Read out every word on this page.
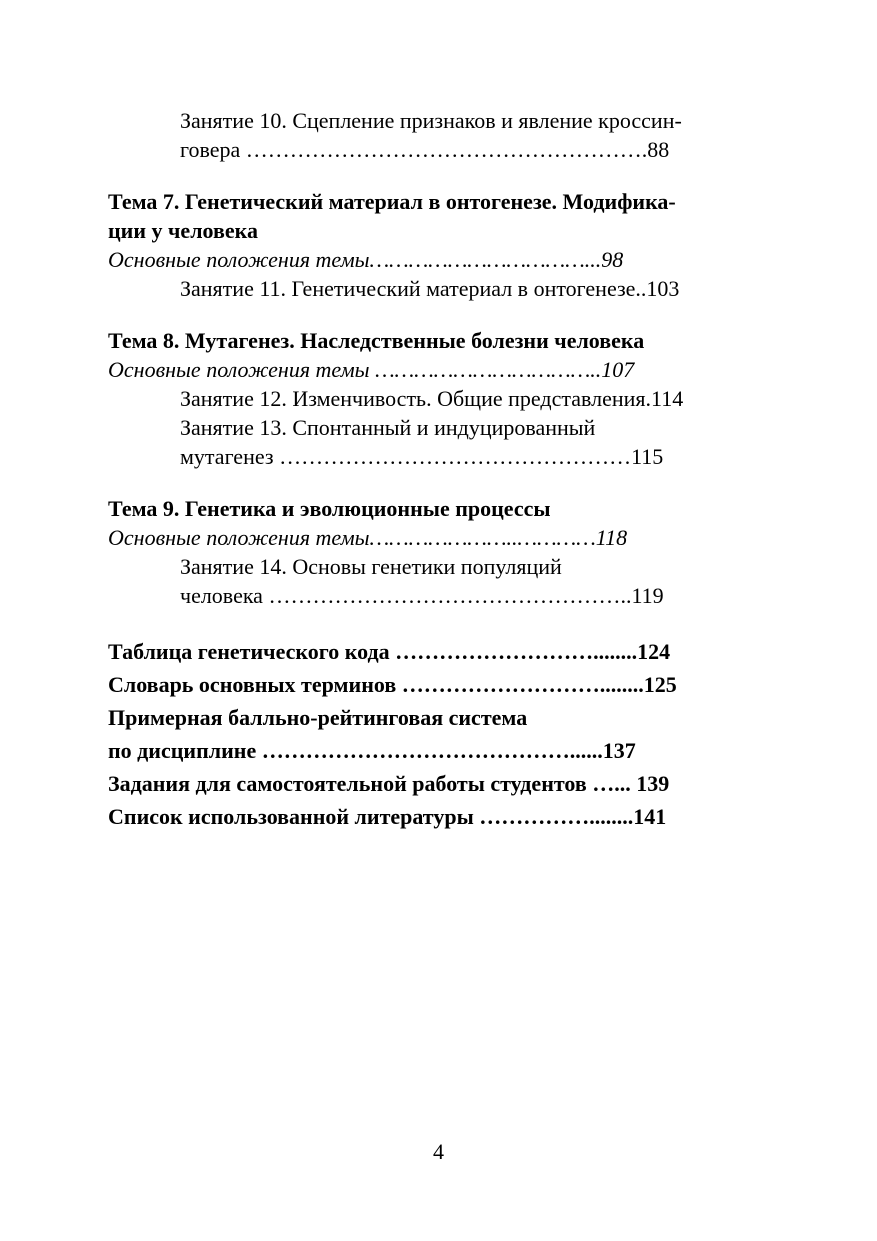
Занятие 10. Сцепление признаков и явление кроссин-
говера ……………………………………………….88
Тема 7. Генетический материал в онтогенезе. Модифика-
ции у человека
Основные положения темы……………………………...98
Занятие 11. Генетический материал в онтогенезе..103
Тема 8. Мутагенез. Наследственные болезни человека
Основные положения темы ……………………………..107
Занятие 12. Изменчивость. Общие представления.114
Занятие 13. Спонтанный и индуцированный
мутагенез …………………………………………115
Тема 9. Генетика и эволюционные процессы
Основные положения темы…………………..…………118
Занятие 14. Основы генетики популяций
человека …………………………………………..119
Таблица генетического кода ………………………........124
Словарь основных терминов ………………………........125
Примерная балльно-рейтинговая система
по дисциплине ……………………………………......137
Задания для самостоятельной работы студентов …... 139
Список использованной литературы ……………........141
4
